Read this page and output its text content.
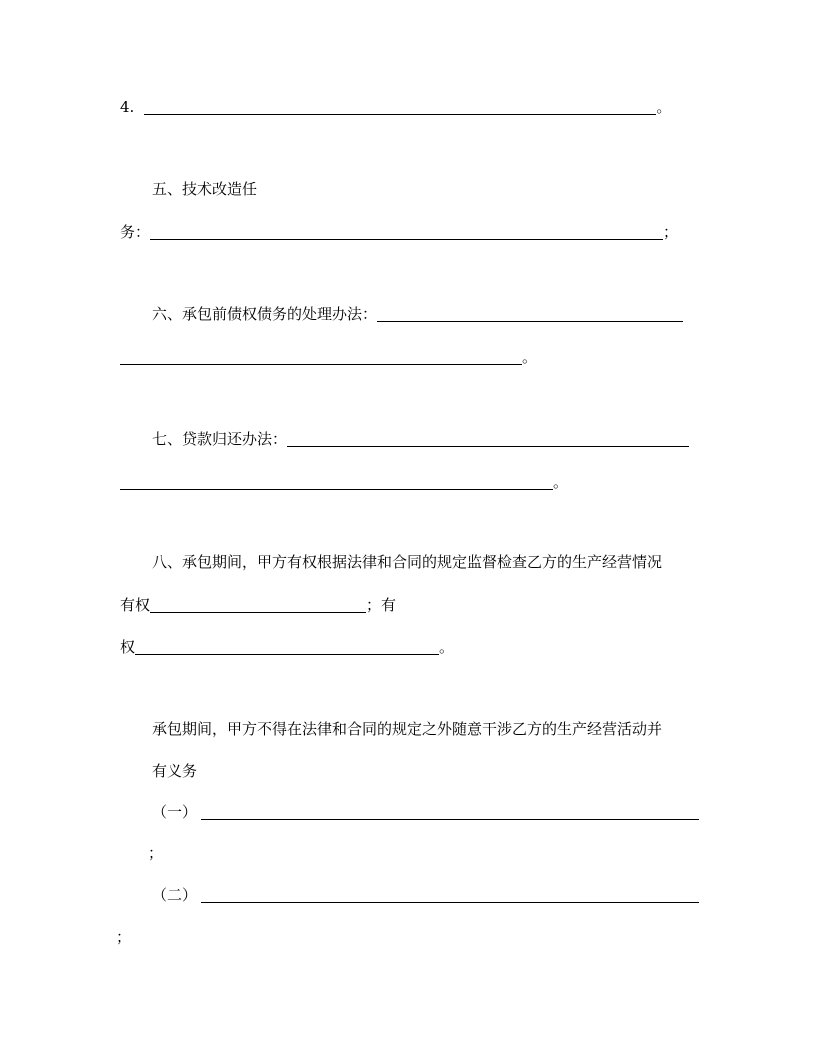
4.	。
五、技术改造任
务：	；
六、承包前债权债务的处理办法：
。
七、贷款归还办法：
。
八、承包期间，甲方有权根据法律和合同的规定监督检查乙方的生产经营情况
有权	；有
权	。
承包期间，甲方不得在法律和合同的规定之外随意干涉乙方的生产经营活动并
有义务
（一）
；
（二）
；
